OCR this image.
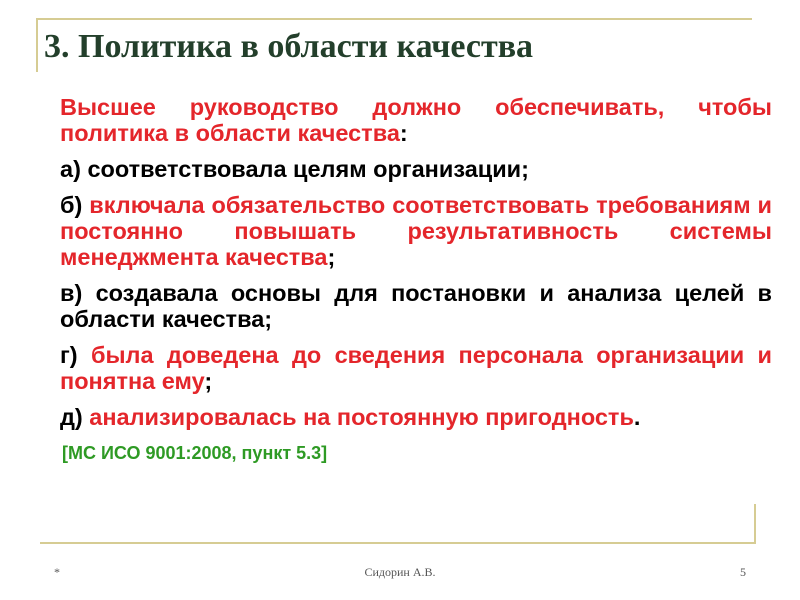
3. Политика в области качества

Высшее руководство должно обеспечивать, чтобы политика в области качества:

а) соответствовала целям организации;

б) включала обязательство соответствовать требованиям и постоянно повышать результативность системы менеджмента качества;

в) создавала основы для постановки и анализа целей в области качества;

г) была доведена до сведения персонала организации и понятна ему;

д) анализировалась на постоянную пригодность.

[МС ИСО 9001:2008, пункт 5.3]
*	Сидорин А.В.	5
